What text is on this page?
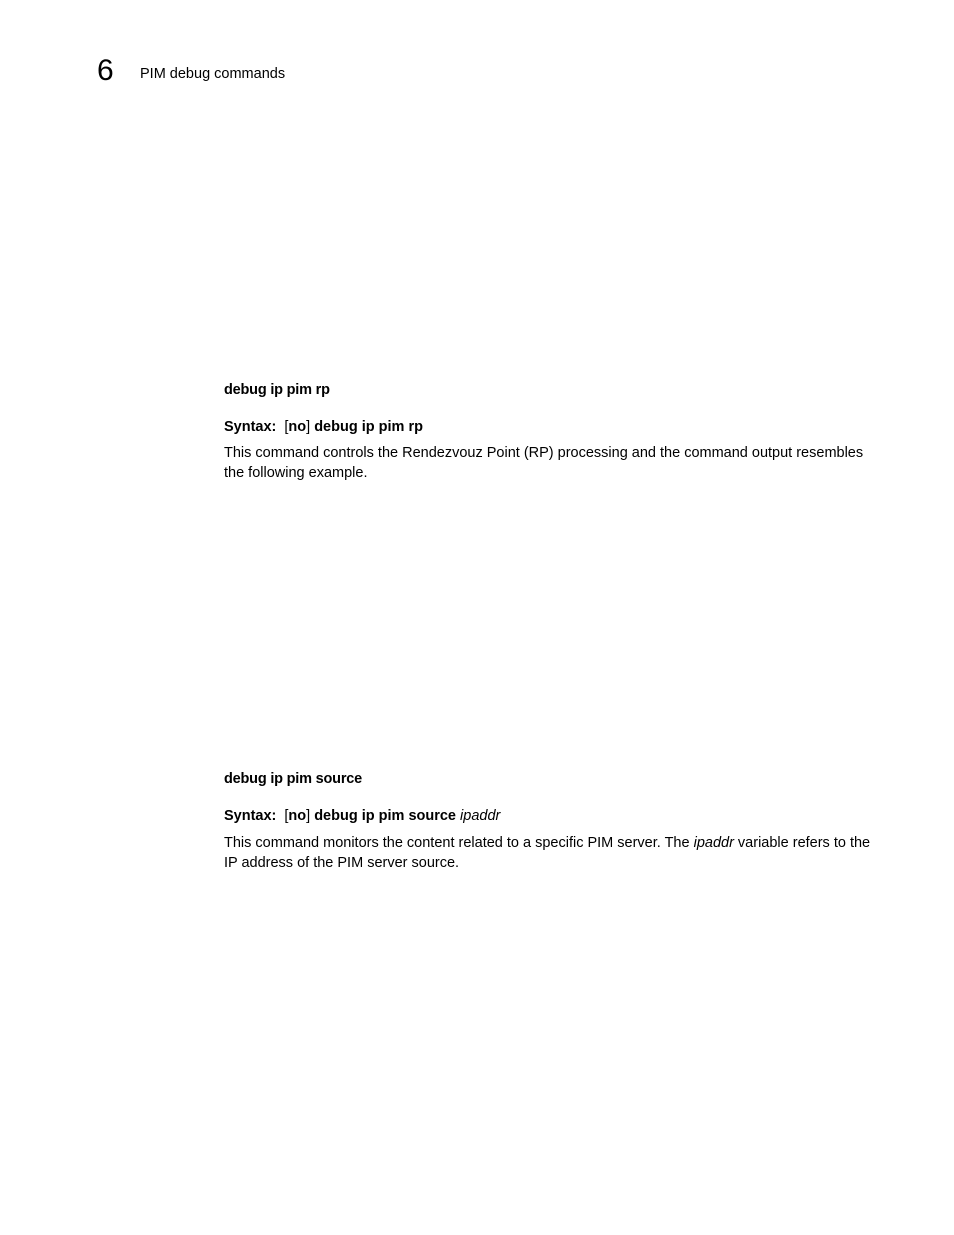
6 PIM debug commands
debug ip pim rp
Syntax: [no] debug ip pim rp
This command controls the Rendezvouz Point (RP) processing and the command output resembles the following example.
debug ip pim source
Syntax: [no] debug ip pim source ipaddr
This command monitors the content related to a specific PIM server. The ipaddr variable refers to the IP address of the PIM server source.
